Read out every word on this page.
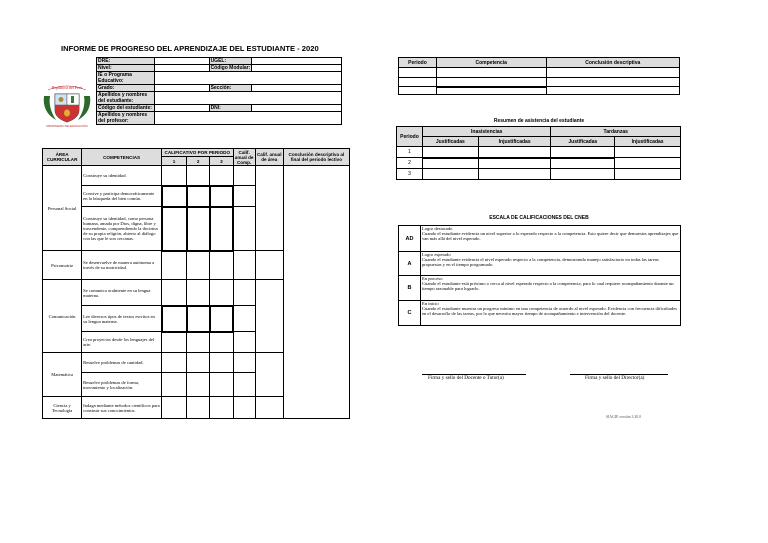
INFORME DE PROGRESO DEL APRENDIZAJE DEL ESTUDIANTE - 2020
República del Perú
MINISTERIO DE EDUCACIÓN
DRE:		UGEL:	
Nivel:		Código Modular:	
IE o Programa Educativo:			
Grado:		Sección:	
Apellidos y nombres del estudiante:			
Código del estudiante:		DNI:	
Apellidos y nombres del profesor:			
ÁREA CURRICULAR	COMPETENCIAS	CALIFICATIVO POR PERIODO			Calif. anual de Comp.	Calif. anual de área	Conclusión descriptiva al final del periodo lectivo
		1	2	3			
Personal Social	Construye su identidad.						
	Convive y participa democráticamente en la búsqueda del bien común.						
	Construye su identidad, como persona humana, amada por Dios, digna, libre y trascendente, comprendiendo la doctrina de su propia religión, abierto al diálogo con las que le son cercanas.						
Psicomotriz	Se desenvuelve de manera autónoma a través de su motricidad.						
Comunicación	Se comunica oralmente en su lengua materna.						
	Lee diversos tipos de textos escritos en su lengua materna.						
	Crea proyectos desde los lenguajes del arte.						
Matemática	Resuelve problemas de cantidad.						
	Resuelve problemas de forma, movimiento y localización.						
Ciencia y Tecnología	Indaga mediante métodos científicos para construir sus conocimientos.						
Periodo	Competencia	Conclusión descriptiva

Resumen de asistencia del estudiante
Periodo	Inasistencias		Tardanzas	
	Justificadas	Injustificadas	Justificadas	Injustificadas
1				
2				
3				
ESCALA DE CALIFICACIONES DEL CNEB
AD	Logro destacado
Cuando el estudiante evidencia un nivel superior a lo esperado respecto a la competencia. Esto quiere decir que demuestra aprendizajes que van más allá del nivel esperado.

A	Logro esperado
Cuando el estudiante evidencia el nivel esperado respecto a la competencia, demostrando manejo satisfactorio en todas las tareas propuestas y en el tiempo programado.

B	En proceso
Cuando el estudiante está próximo o cerca al nivel esperado respecto a la competencia, para lo cual requiere acompañamiento durante un tiempo razonable para lograrlo.

C	En inicio
Cuando el estudiante muestra un progreso mínimo en una competencia de acuerdo al nivel esperado. Evidencia con frecuencia dificultades en el desarrollo de las tareas, por lo que necesita mayor tiempo de acompañamiento e intervención del docente.
Firma y sello del Docente o Tutor(a)	Firma y sello del Director(a)
SIAGIE versión 3.20.0
